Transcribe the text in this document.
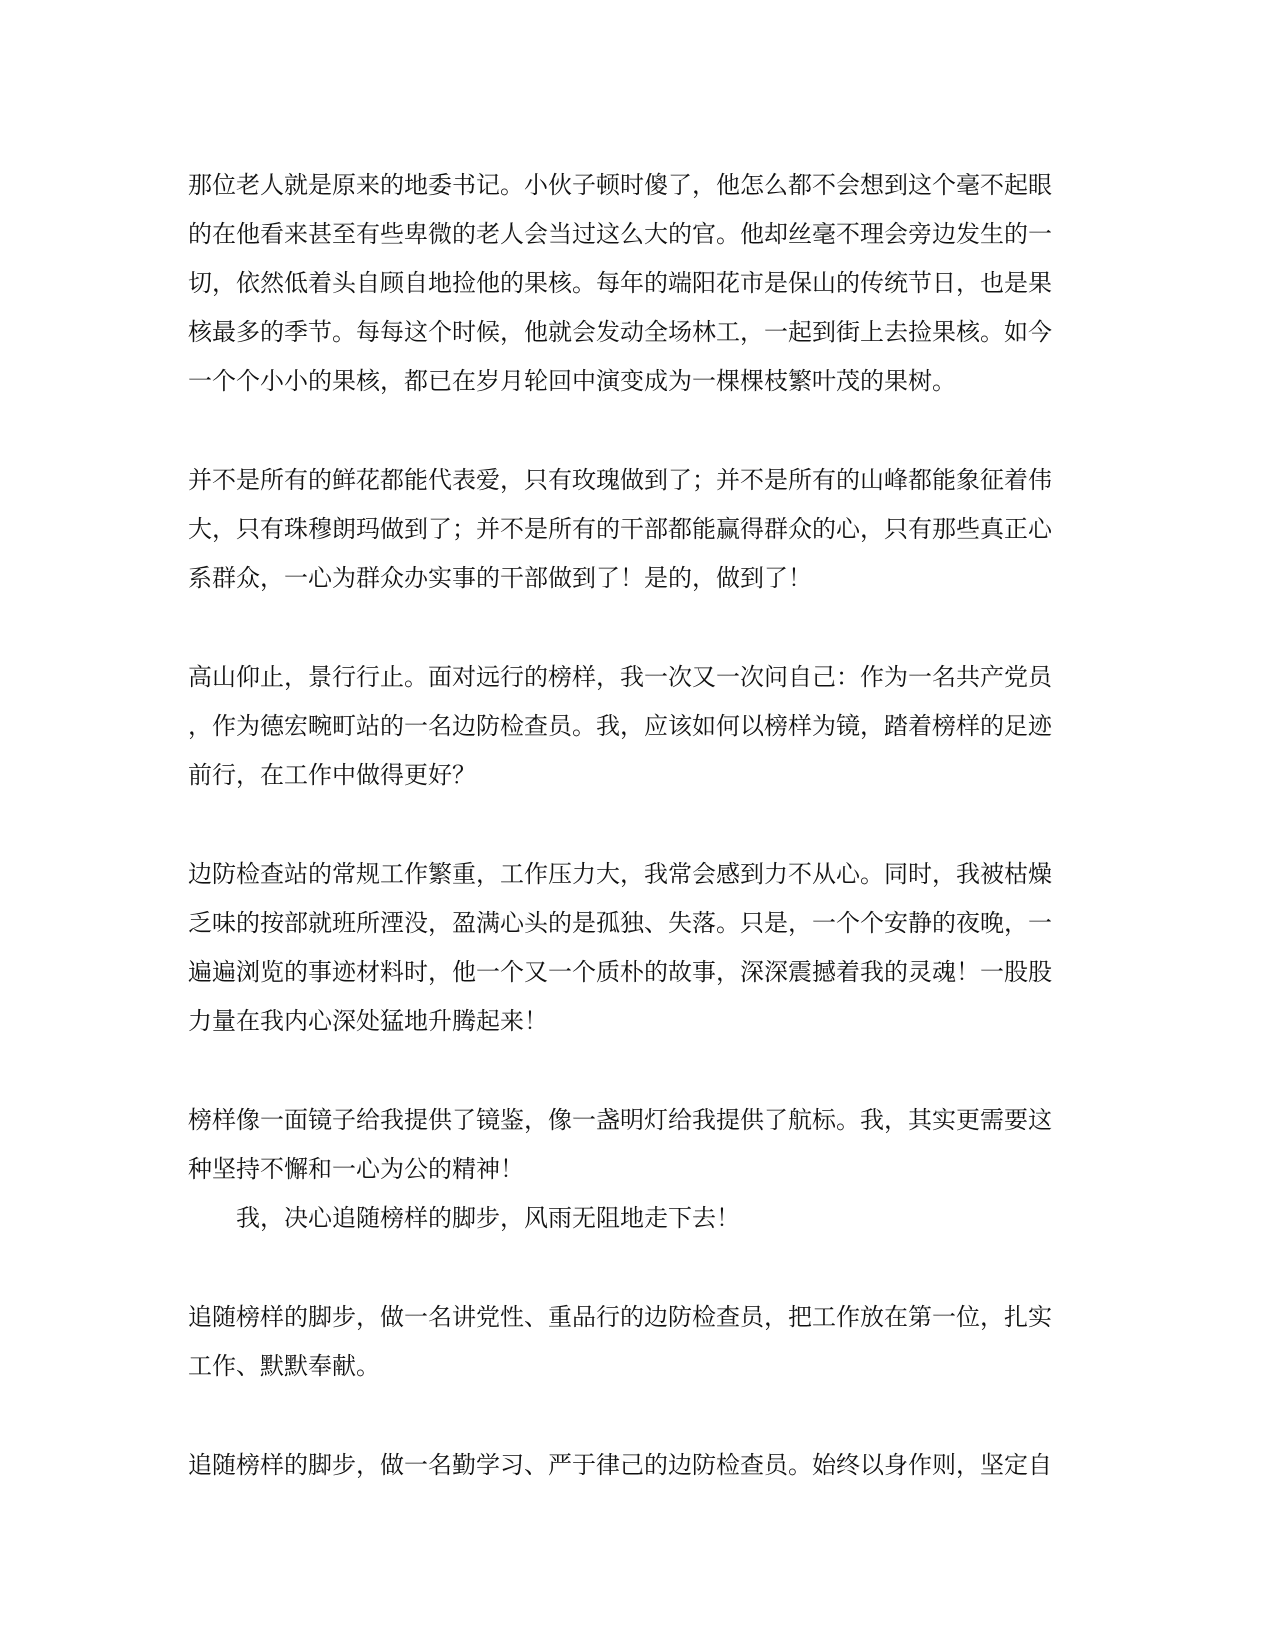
那位老人就是原来的地委书记。小伙子顿时傻了，他怎么都不会想到这个毫不起眼
的在他看来甚至有些卑微的老人会当过这么大的官。他却丝毫不理会旁边发生的一
切，依然低着头自顾自地捡他的果核。每年的端阳花市是保山的传统节日，也是果
核最多的季节。每每这个时候，他就会发动全场林工，一起到街上去捡果核。如今
一个个小小的果核，都已在岁月轮回中演变成为一棵棵枝繁叶茂的果树。
并不是所有的鲜花都能代表爱，只有玫瑰做到了；并不是所有的山峰都能象征着伟
大，只有珠穆朗玛做到了；并不是所有的干部都能赢得群众的心，只有那些真正心
系群众，一心为群众办实事的干部做到了！是的，做到了！
高山仰止，景行行止。面对远行的榜样，我一次又一次问自己：作为一名共产党员
，作为德宏畹町站的一名边防检查员。我，应该如何以榜样为镜，踏着榜样的足迹
前行，在工作中做得更好？
边防检查站的常规工作繁重，工作压力大，我常会感到力不从心。同时，我被枯燥
乏味的按部就班所湮没，盈满心头的是孤独、失落。只是，一个个安静的夜晚，一
遍遍浏览的事迹材料时，他一个又一个质朴的故事，深深震撼着我的灵魂！一股股
力量在我内心深处猛地升腾起来！
榜样像一面镜子给我提供了镜鉴，像一盏明灯给我提供了航标。我，其实更需要这
种坚持不懈和一心为公的精神！
我，决心追随榜样的脚步，风雨无阻地走下去！
追随榜样的脚步，做一名讲党性、重品行的边防检查员，把工作放在第一位，扎实
工作、默默奉献。
追随榜样的脚步，做一名勤学习、严于律己的边防检查员。始终以身作则，坚定自
